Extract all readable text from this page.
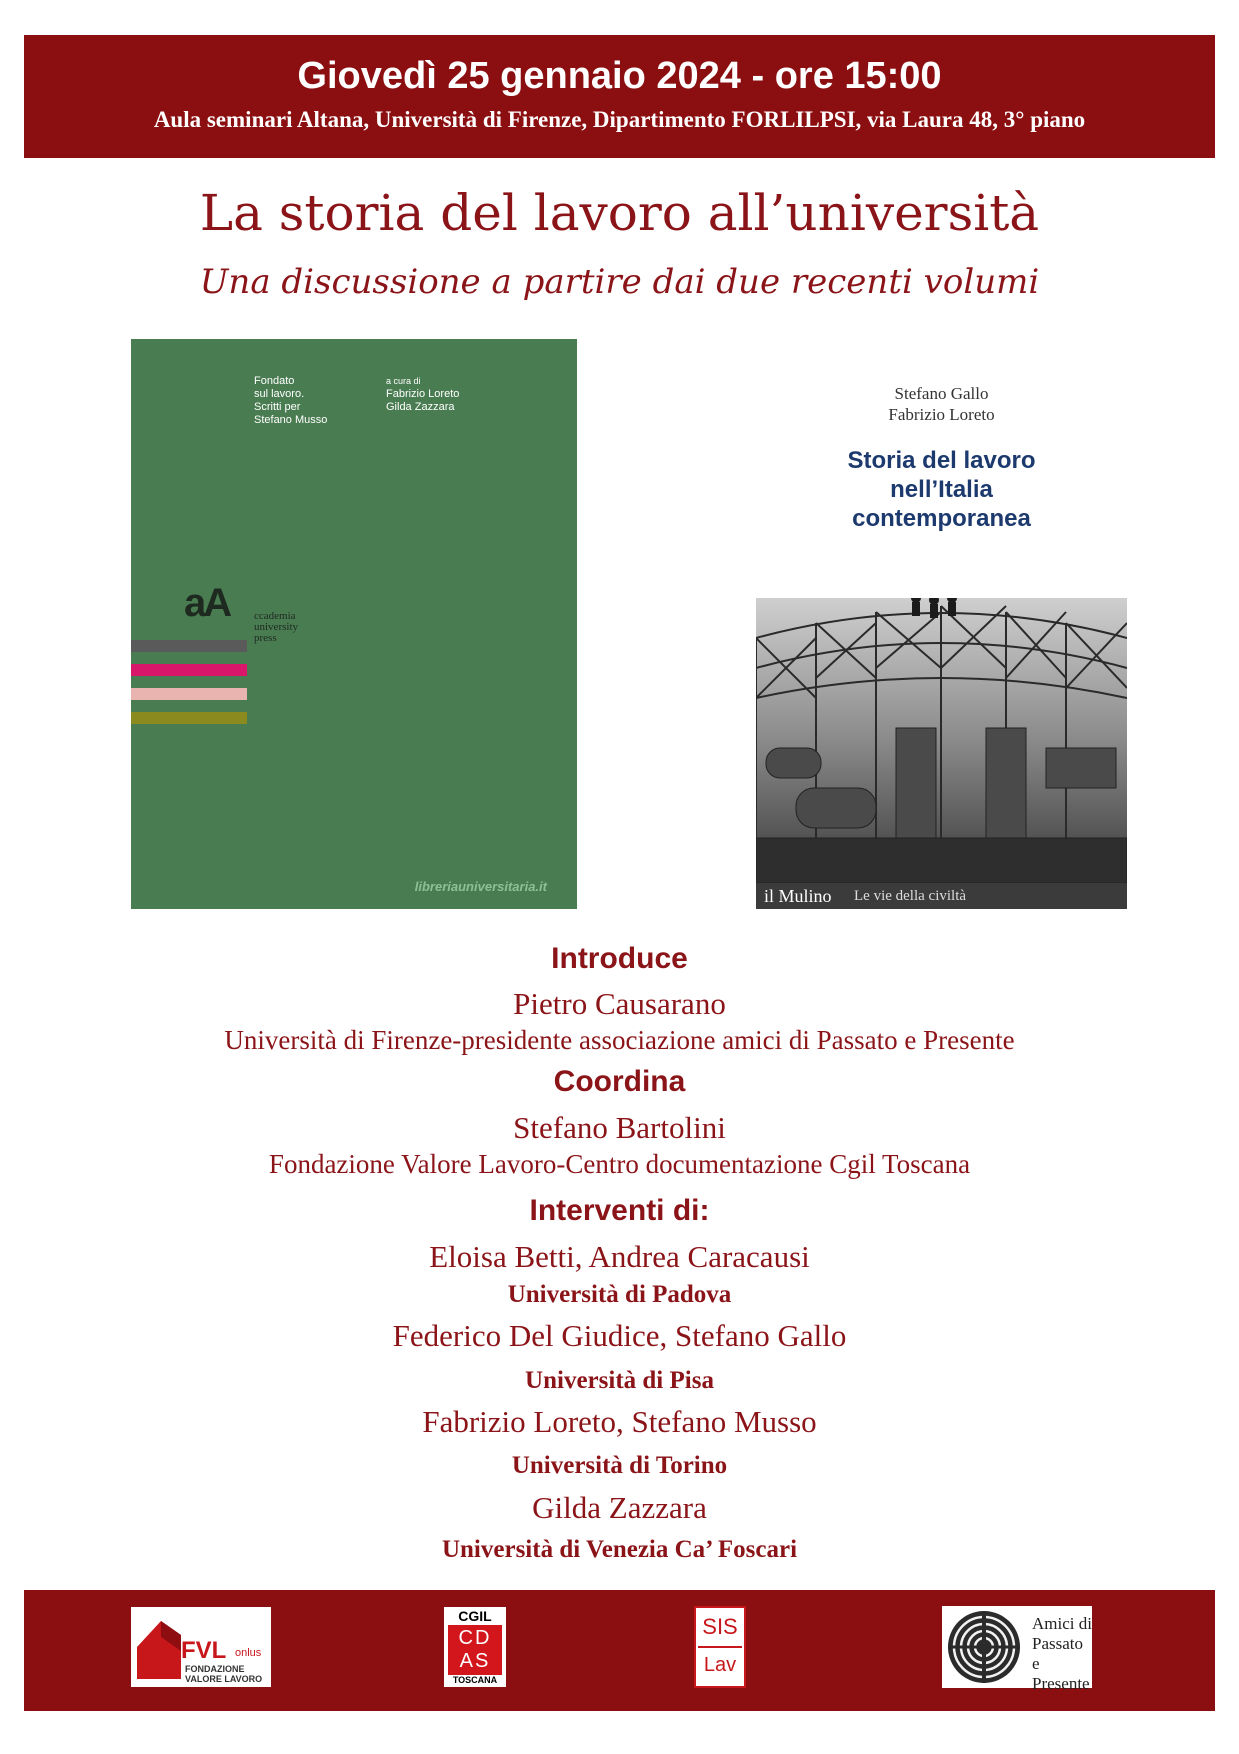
Giovedì 25 gennaio 2024 - ore 15:00
Aula seminari Altana, Università di Firenze, Dipartimento FORLILPSI, via Laura 48, 3° piano
La storia del lavoro all’università
Una discussione a partire dai due recenti volumi
Fondato
sul lavoro.
Scritti per
Stefano Musso
a cura di
Fabrizio Loreto
Gilda Zazzara
aA ccademia
university
press
libreriauniversitaria.it
Stefano Gallo
Fabrizio Loreto
Storia del lavoro
nell’Italia
contemporanea
il Mulino Le vie della civiltà
Introduce
Pietro Causarano
Università di Firenze-presidente associazione amici di Passato e Presente
Coordina
Stefano Bartolini
Fondazione Valore Lavoro-Centro documentazione Cgil Toscana
Interventi di:
Eloisa Betti, Andrea Caracausi
Università di Padova
Federico Del Giudice, Stefano Gallo
Università di Pisa
Fabrizio Loreto, Stefano Musso
Università di Torino
Gilda Zazzara
Università di Venezia Ca’ Foscari
FVL onlus
FONDAZIONE
VALORE LAVORO
CGIL
CD
AS
TOSCANA
SIS
Lav
Amici di
Passato e
Presente
